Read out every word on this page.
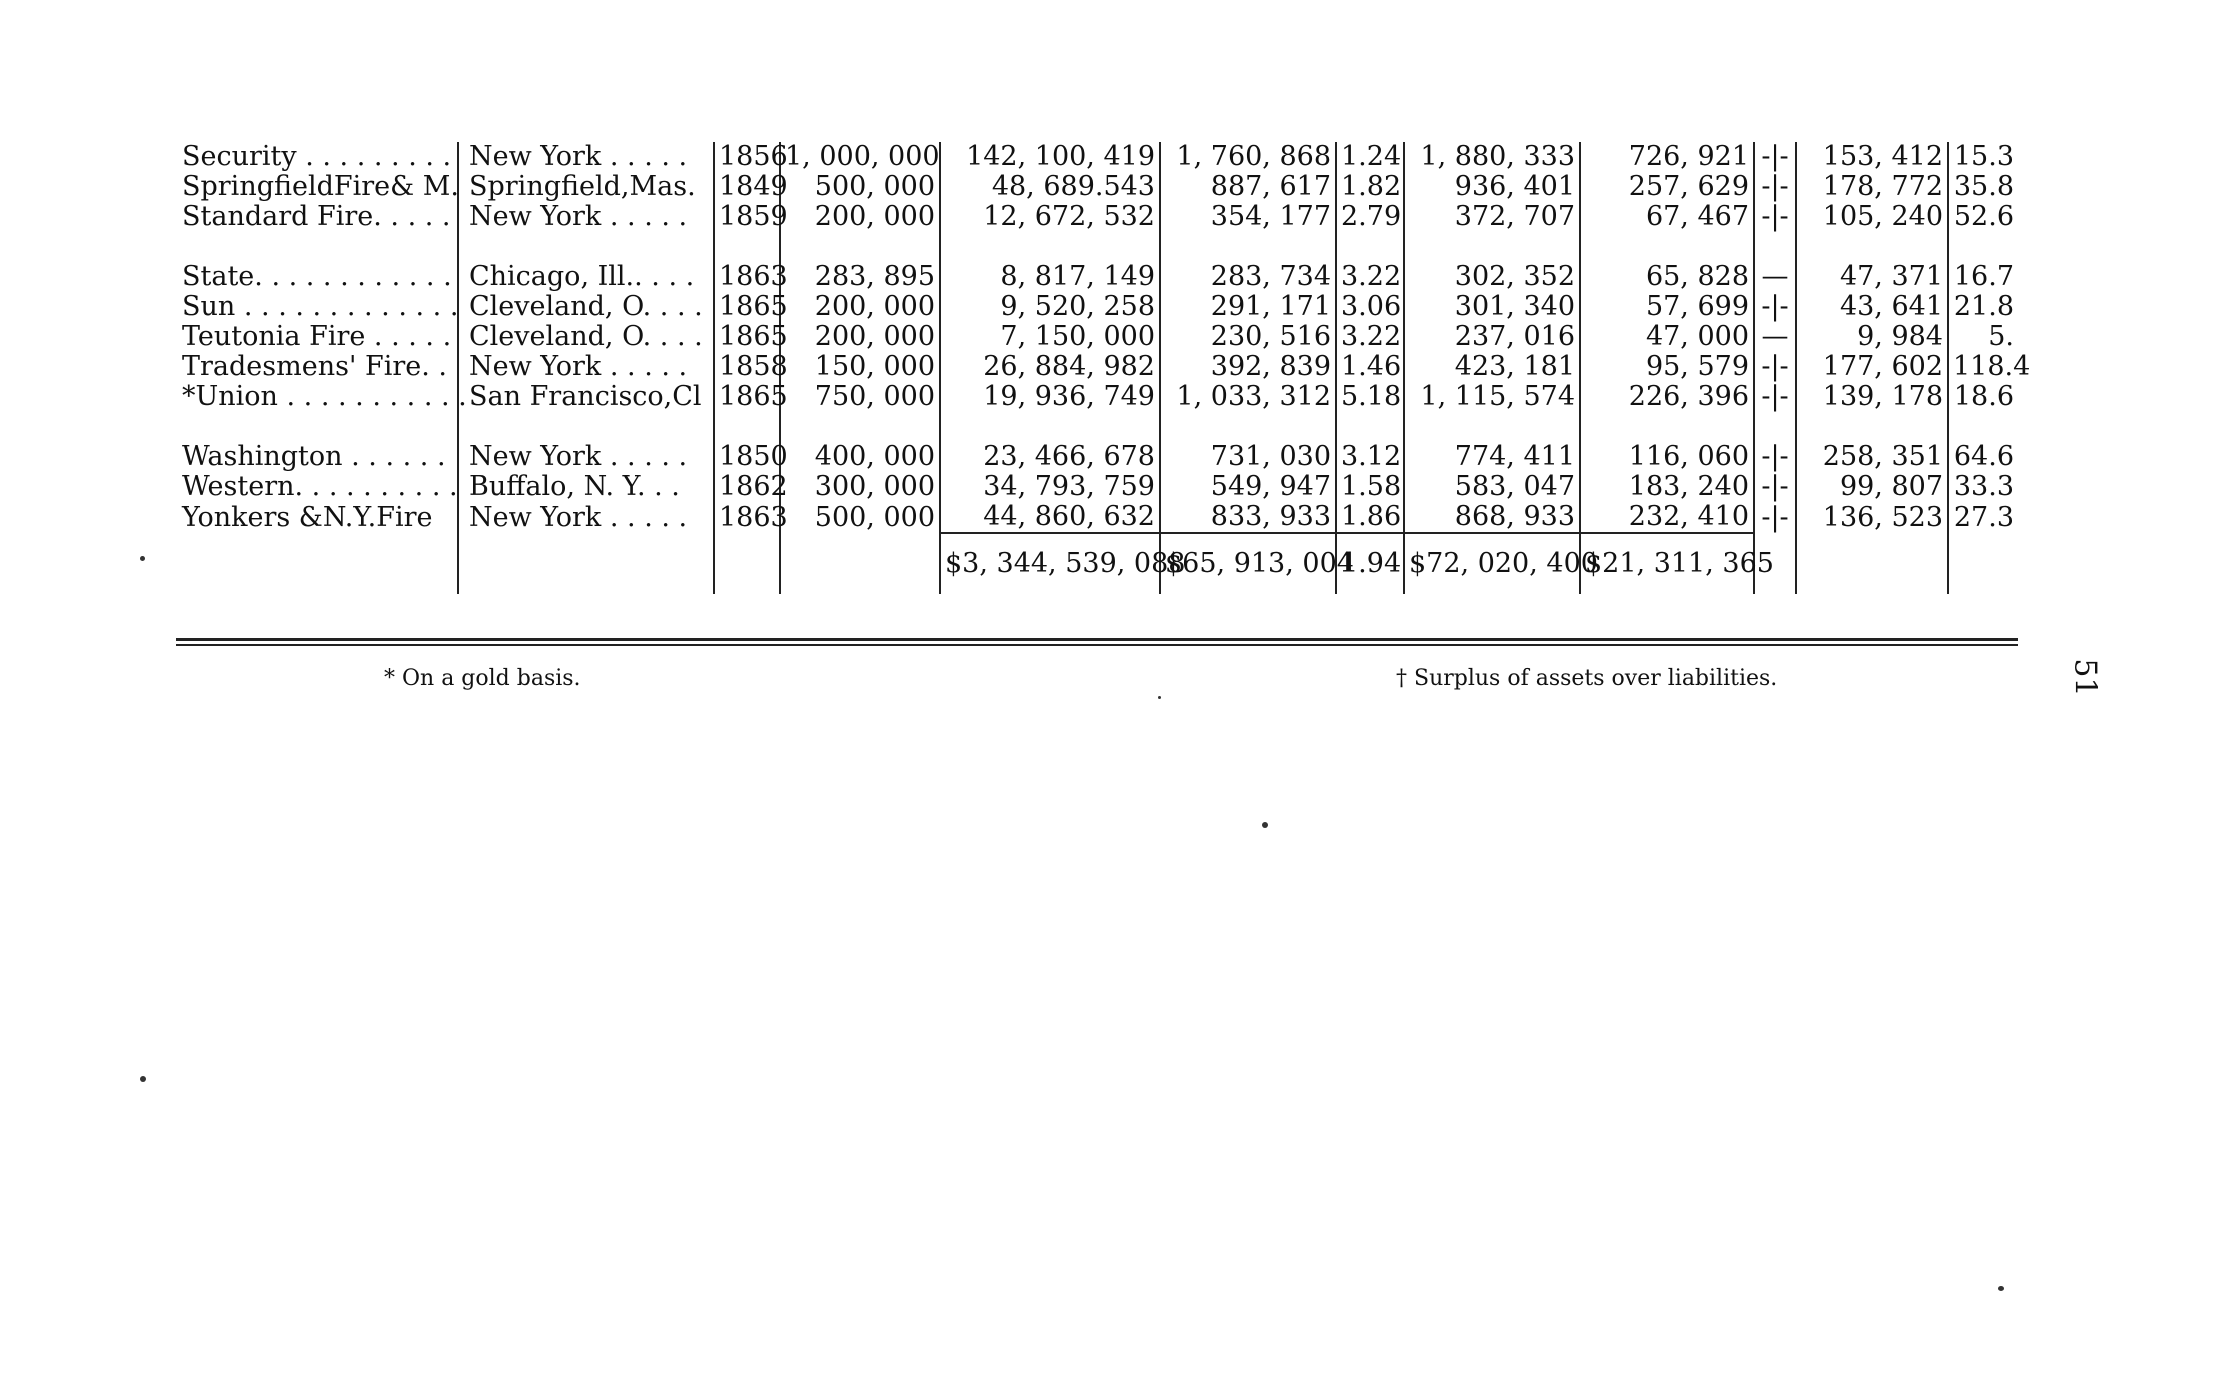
Security . . . . . . . . .	New York . . . . .	1856	1, 000, 000	142, 100, 419	1, 760, 868	1.24	1, 880, 333	726, 921	-|-	153, 412	15.3
SpringfieldFire& M.	Springfield,Mas.	1849	500, 000	48, 689.543	887, 617	1.82	936, 401	257, 629	-|-	178, 772	35.8
Standard Fire. . . . .	New York . . . . .	1859	200, 000	12, 672, 532	354, 177	2.79	372, 707	67, 467	-|-	105, 240	52.6

State. . . . . . . . . . . .	Chicago, Ill.. . . .	1863	283, 895	8, 817, 149	283, 734	3.22	302, 352	65, 828	—	47, 371	16.7
Sun . . . . . . . . . . . . .	Cleveland, O. . . .	1865	200, 000	9, 520, 258	291, 171	3.06	301, 340	57, 699	-|-	43, 641	21.8
Teutonia Fire . . . . .	Cleveland, O. . . .	1865	200, 000	7, 150, 000	230, 516	3.22	237, 016	47, 000	—	9, 984	5.
Tradesmens' Fire. .	New York . . . . .	1858	150, 000	26, 884, 982	392, 839	1.46	423, 181	95, 579	-|-	177, 602	118.4
*Union . . . . . . . . . . .	San Francisco,Cl	1865	750, 000	19, 936, 749	1, 033, 312	5.18	1, 115, 574	226, 396	-|-	139, 178	18.6

Washington . . . . . .	New York . . . . .	1850	400, 000	23, 466, 678	731, 030	3.12	774, 411	116, 060	-|-	258, 351	64.6
Western. . . . . . . . . .	Buffalo, N. Y. . .	1862	300, 000	34, 793, 759	549, 947	1.58	583, 047	183, 240	-|-	99, 807	33.3
Yonkers &N.Y.Fire	New York . . . . .	1863	500, 000	44, 860, 632	833, 933	1.86	868, 933	232, 410	-|-	136, 523	27.3
				$3, 344, 539, 088	$65, 913, 004	1.94	$72, 020, 400	$21, 311, 365			
* On a gold basis.	† Surplus of assets over liabilities.	51
